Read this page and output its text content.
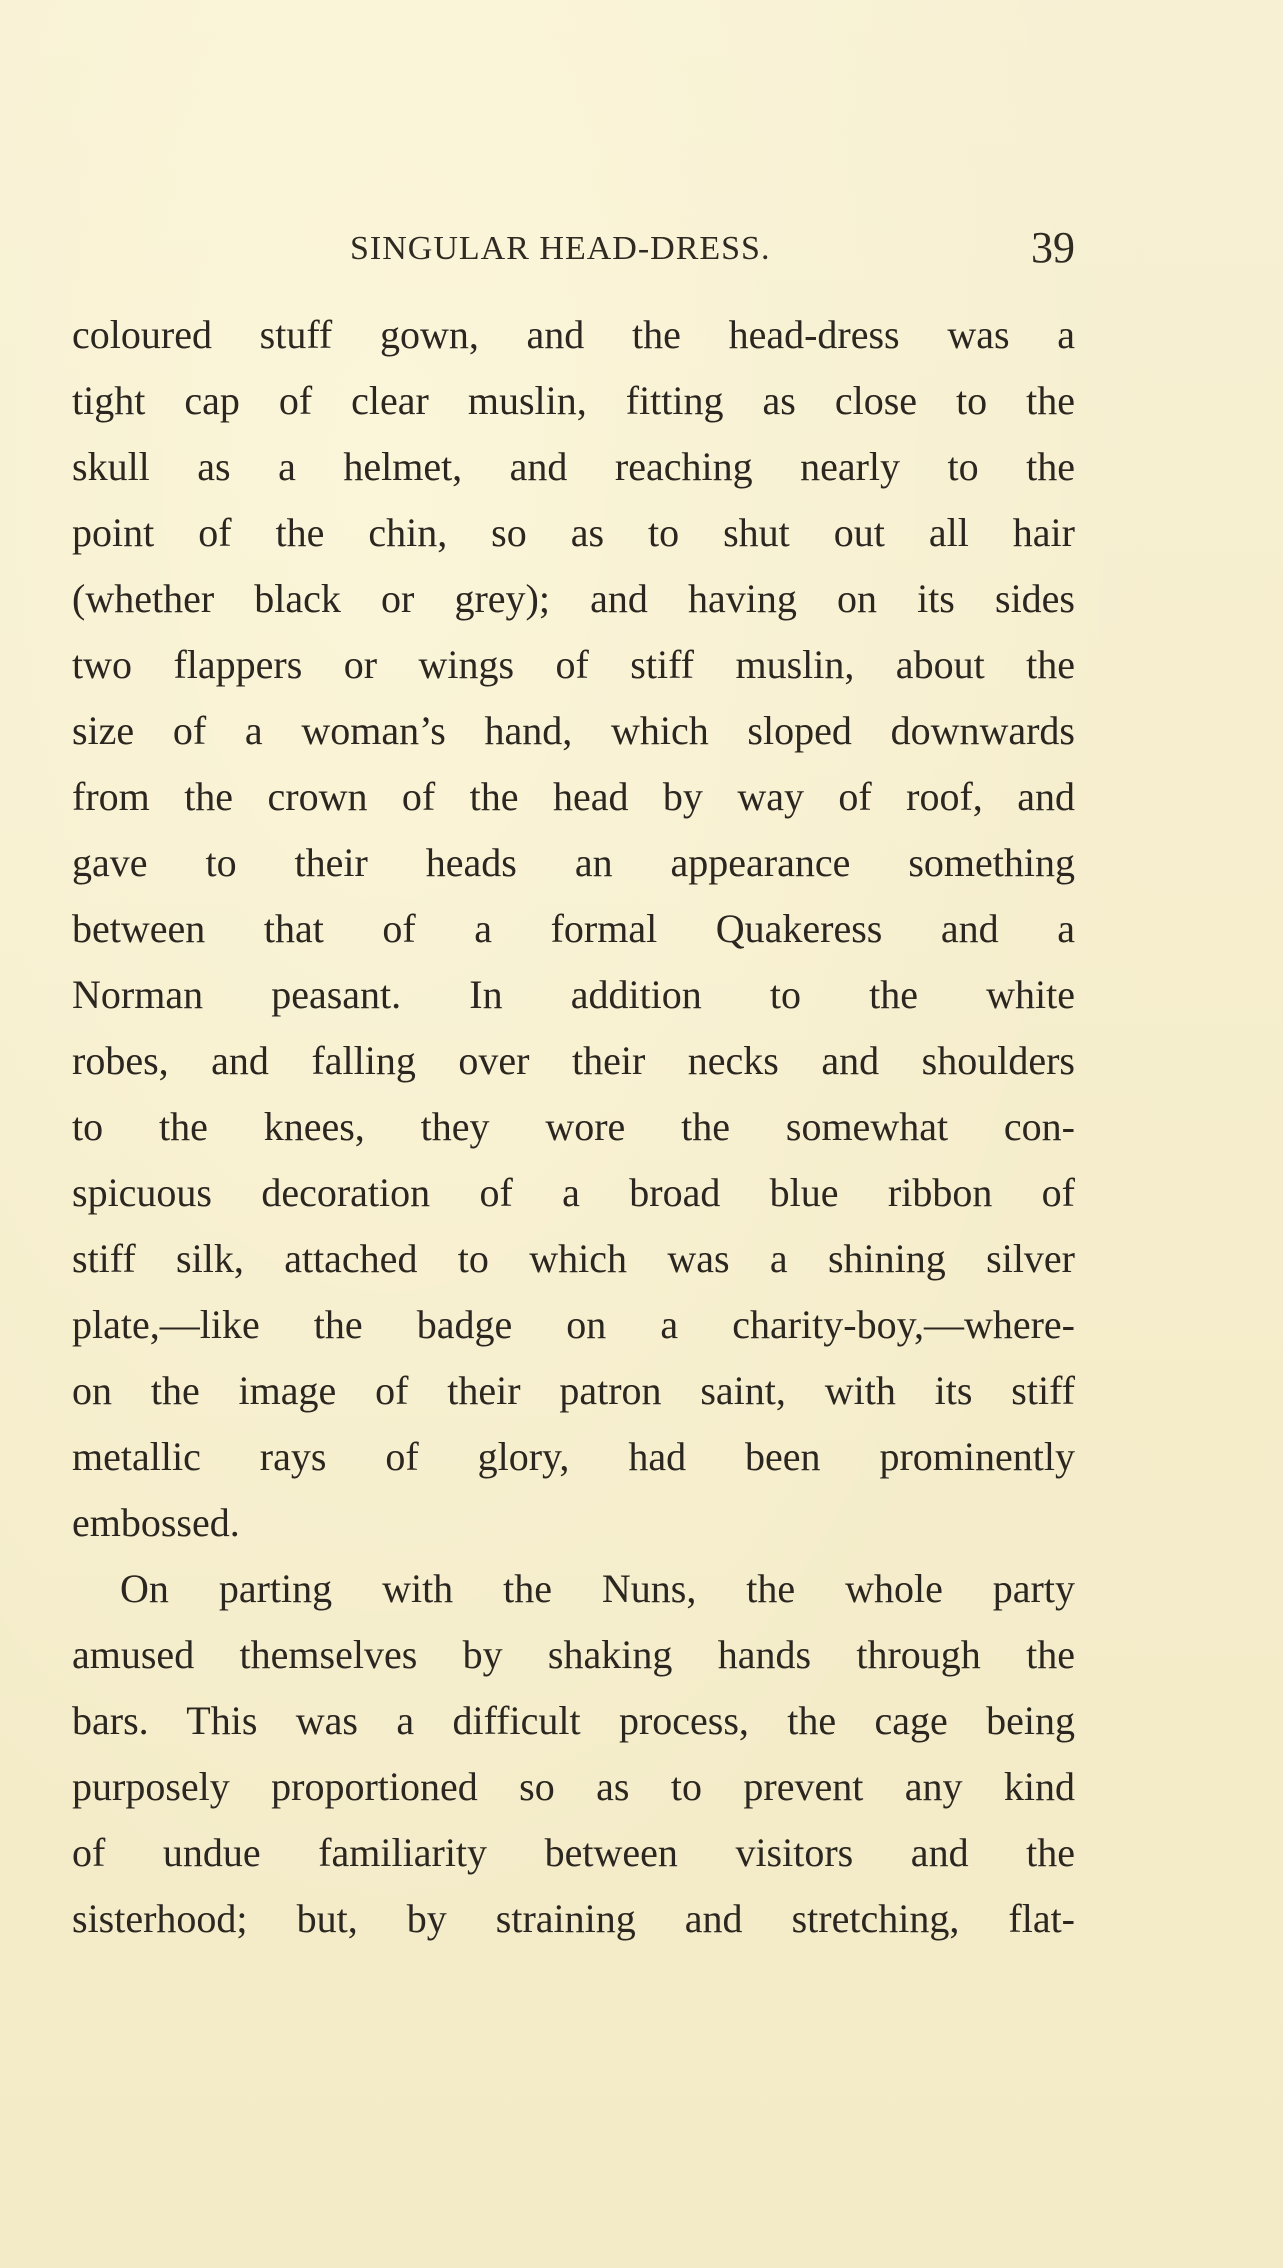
SINGULAR HEAD-DRESS.	39
coloured stuff gown, and the head-dress was a
tight cap of clear muslin, fitting as close to the
skull as a helmet, and reaching nearly to the
point of the chin, so as to shut out all hair
(whether black or grey); and having on its sides
two flappers or wings of stiff muslin, about the
size of a woman’s hand, which sloped downwards
from the crown of the head by way of roof, and
gave to their heads an appearance something
between that of a formal Quakeress and a
Norman peasant. In addition to the white
robes, and falling over their necks and shoulders
to the knees, they wore the somewhat con-
spicuous decoration of a broad blue ribbon of
stiff silk, attached to which was a shining silver
plate,—like the badge on a charity-boy,—where-
on the image of their patron saint, with its stiff
metallic rays of glory, had been prominently
embossed.
On parting with the Nuns, the whole party
amused themselves by shaking hands through the
bars. This was a difficult process, the cage being
purposely proportioned so as to prevent any kind
of undue familiarity between visitors and the
sisterhood; but, by straining and stretching, flat-
